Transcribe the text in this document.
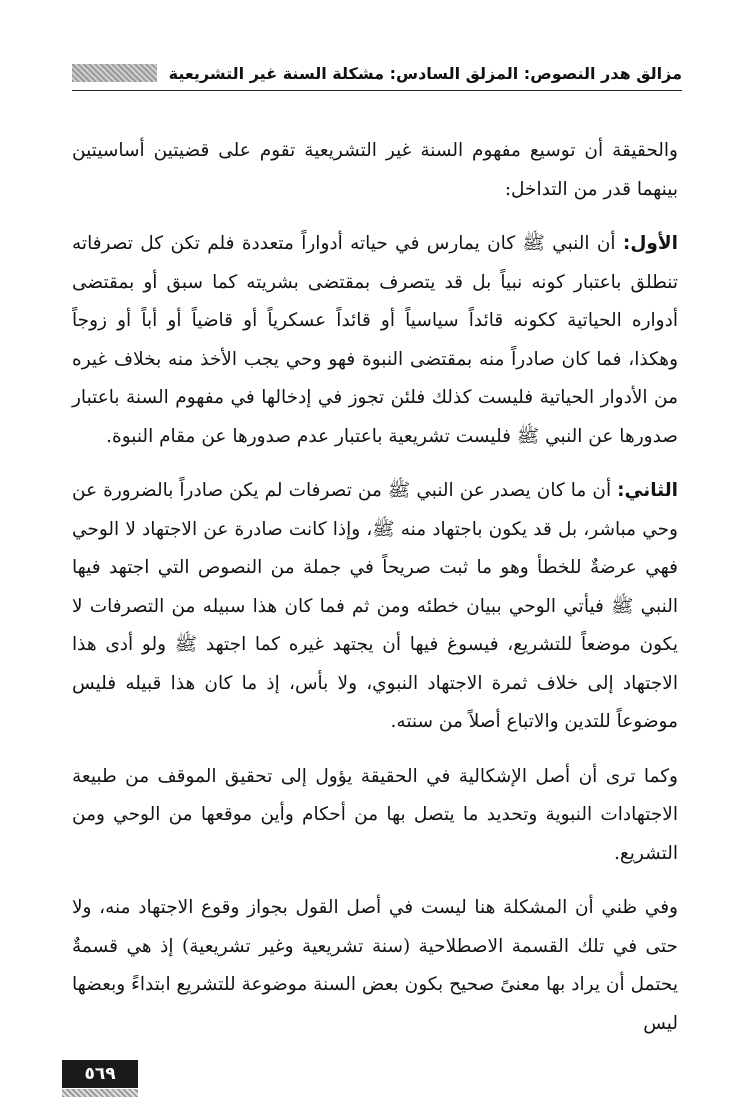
مزالق هدر النصوص: المزلق السادس: مشكلة السنة غير التشريعية

والحقيقة أن توسيع مفهوم السنة غير التشريعية تقوم على قضيتين أساسيتين بينهما قدر من التداخل:

الأول: أن النبي ﷺ كان يمارس في حياته أدواراً متعددة فلم تكن كل تصرفاته تنطلق باعتبار كونه نبياً بل قد يتصرف بمقتضى بشريته كما سبق أو بمقتضى أدواره الحياتية ككونه قائداً سياسياً أو قائداً عسكرياً أو قاضياً أو أباً أو زوجاً وهكذا، فما كان صادراً منه بمقتضى النبوة فهو وحي يجب الأخذ منه بخلاف غيره من الأدوار الحياتية فليست كذلك فلئن تجوز في إدخالها في مفهوم السنة باعتبار صدورها عن النبي ﷺ فليست تشريعية باعتبار عدم صدورها عن مقام النبوة.

الثاني: أن ما كان يصدر عن النبي ﷺ من تصرفات لم يكن صادراً بالضرورة عن وحي مباشر، بل قد يكون باجتهاد منه ﷺ، وإذا كانت صادرة عن الاجتهاد لا الوحي فهي عرضةٌ للخطأ وهو ما ثبت صريحاً في جملة من النصوص التي اجتهد فيها النبي ﷺ فيأتي الوحي ببيان خطئه ومن ثم فما كان هذا سبيله من التصرفات لا يكون موضعاً للتشريع، فيسوغ فيها أن يجتهد غيره كما اجتهد ﷺ ولو أدى هذا الاجتهاد إلى خلاف ثمرة الاجتهاد النبوي، ولا بأس، إذ ما كان هذا قبيله فليس موضوعاً للتدين والاتباع أصلاً من سنته.

وكما ترى أن أصل الإشكالية في الحقيقة يؤول إلى تحقيق الموقف من طبيعة الاجتهادات النبوية وتحديد ما يتصل بها من أحكام وأين موقعها من الوحي ومن التشريع.

وفي ظني أن المشكلة هنا ليست في أصل القول بجواز وقوع الاجتهاد منه، ولا حتى في تلك القسمة الاصطلاحية (سنة تشريعية وغير تشريعية) إذ هي قسمةٌ يحتمل أن يراد بها معنىً صحيح بكون بعض السنة موضوعة للتشريع ابتداءً وبعضها ليس

٥٦٩
